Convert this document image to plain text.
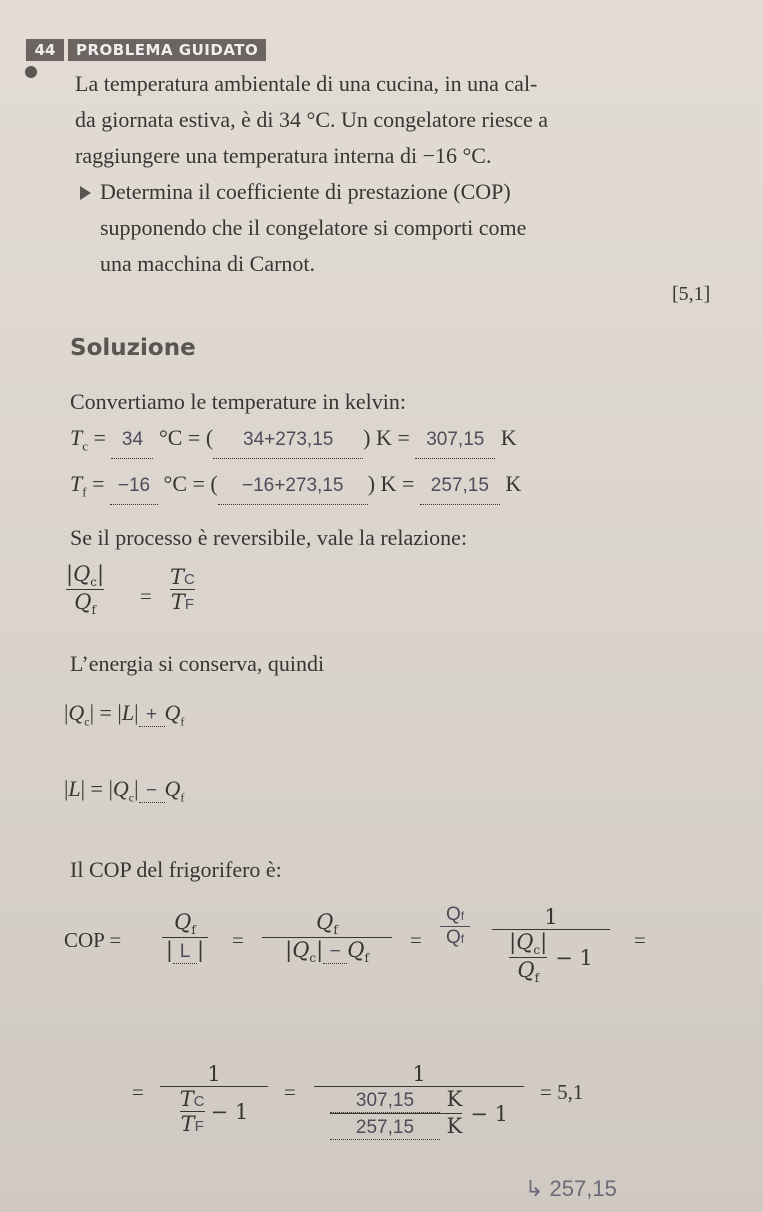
44	PROBLEMA GUIDATO
La temperatura ambientale di una cucina, in una cal-
da giornata estiva, è di 34 °C. Un congelatore riesce a
raggiungere una temperatura interna di −16 °C.
Determina il coefficiente di prestazione (COP)
supponendo che il congelatore si comporti come
una macchina di Carnot.
[5,1]
Soluzione
Convertiamo le temperature in kelvin:
$T_c = 34$ °C = ( 34+273,15 ) K = 307,15 K
$T_f = -16$ °C = ( −16+273,15 ) K = 257,15 K
Se il processo è reversibile, vale la relazione:
$|Q_c|$
$Q_f$
=
TC
TF
L’energia si conserva, quindi
$|Q_c| = |L| + Q_f$
$|L| = |Q_c| - Q_f$
Il COP del frigorifero è:
COP =
$Q_f$
| L | =
$Q_f$
$|Q_c| - Q_f$
=
Qf
Qf
1
$\frac{|Q_c|}{Q_f} - 1$
=
=
1
$\frac{TC}{TF} - 1$
=
1
$\frac{307,15 K}{257,15 K} - 1$
= 5,1
↳ 257,15
